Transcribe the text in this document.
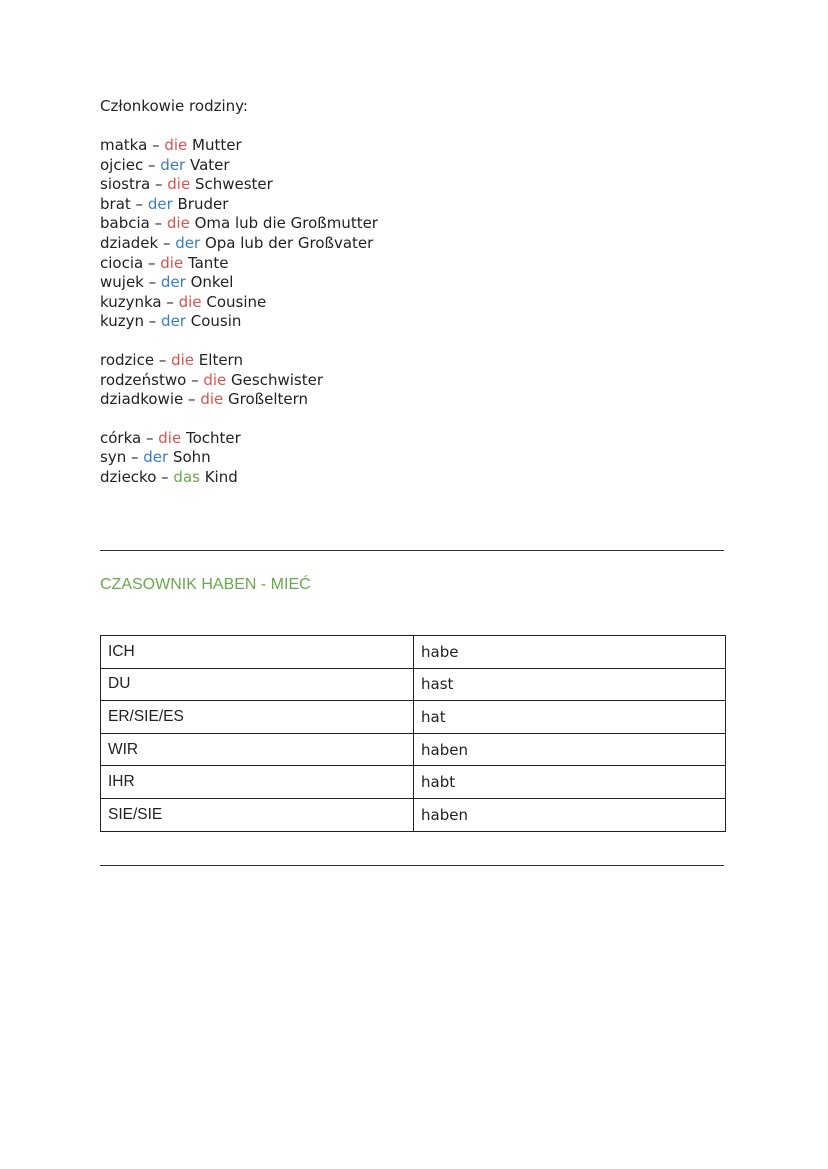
Członkowie rodziny:

matka – die Mutter
ojciec – der Vater
siostra – die Schwester
brat – der Bruder
babcia – die Oma lub die Großmutter
dziadek – der Opa lub der Großvater
ciocia – die Tante
wujek – der Onkel
kuzynka – die Cousine
kuzyn – der Cousin
rodzice – die Eltern
rodzeństwo – die Geschwister
dziadkowie – die Großeltern
córka – die Tochter
syn – der Sohn
dziecko – das Kind
CZASOWNIK HABEN - MIEĆ
ICH	habe
DU	hast
ER/SIE/ES	hat
WIR	haben
IHR	habt
SIE/SIE	haben
